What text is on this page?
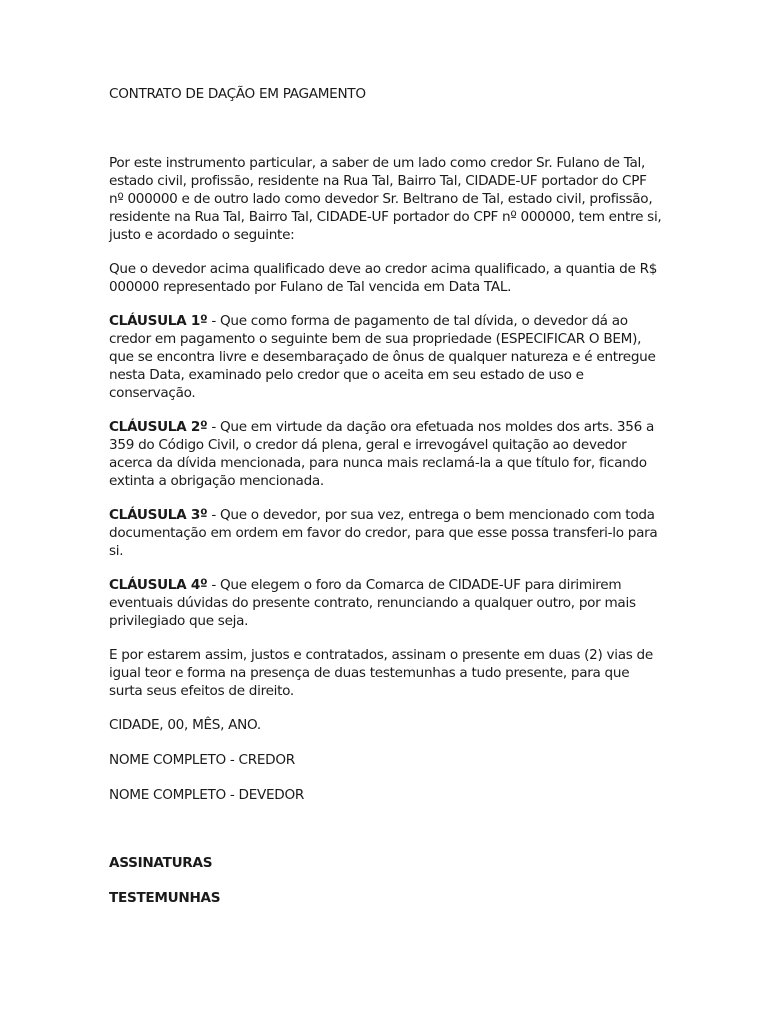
CONTRATO DE DAÇÃO EM PAGAMENTO

Por este instrumento particular, a saber de um lado como credor Sr. Fulano de Tal, estado civil, profissão, residente na Rua Tal, Bairro Tal, CIDADE-UF portador do CPF nº 000000 e de outro lado como devedor Sr. Beltrano de Tal, estado civil, profissão, residente na Rua Tal, Bairro Tal, CIDADE-UF portador do CPF nº 000000, tem entre si, justo e acordado o seguinte:

Que o devedor acima qualificado deve ao credor acima qualificado, a quantia de R$ 000000 representado por Fulano de Tal vencida em Data TAL.

CLÁUSULA 1º - Que como forma de pagamento de tal dívida, o devedor dá ao credor em pagamento o seguinte bem de sua propriedade (ESPECIFICAR O BEM), que se encontra livre e desembaraçado de ônus de qualquer natureza e é entregue nesta Data, examinado pelo credor que o aceita em seu estado de uso e conservação.

CLÁUSULA 2º - Que em virtude da dação ora efetuada nos moldes dos arts. 356 a 359 do Código Civil, o credor dá plena, geral e irrevogável quitação ao devedor acerca da dívida mencionada, para nunca mais reclamá-la a que título for, ficando extinta a obrigação mencionada.

CLÁUSULA 3º - Que o devedor, por sua vez, entrega o bem mencionado com toda documentação em ordem em favor do credor, para que esse possa transferi-lo para si.

CLÁUSULA 4º - Que elegem o foro da Comarca de CIDADE-UF para dirimirem eventuais dúvidas do presente contrato, renunciando a qualquer outro, por mais privilegiado que seja.

E por estarem assim, justos e contratados, assinam o presente em duas (2) vias de igual teor e forma na presença de duas testemunhas a tudo presente, para que surta seus efeitos de direito.

CIDADE, 00, MÊS, ANO.

NOME COMPLETO - CREDOR

NOME COMPLETO - DEVEDOR

ASSINATURAS

TESTEMUNHAS
